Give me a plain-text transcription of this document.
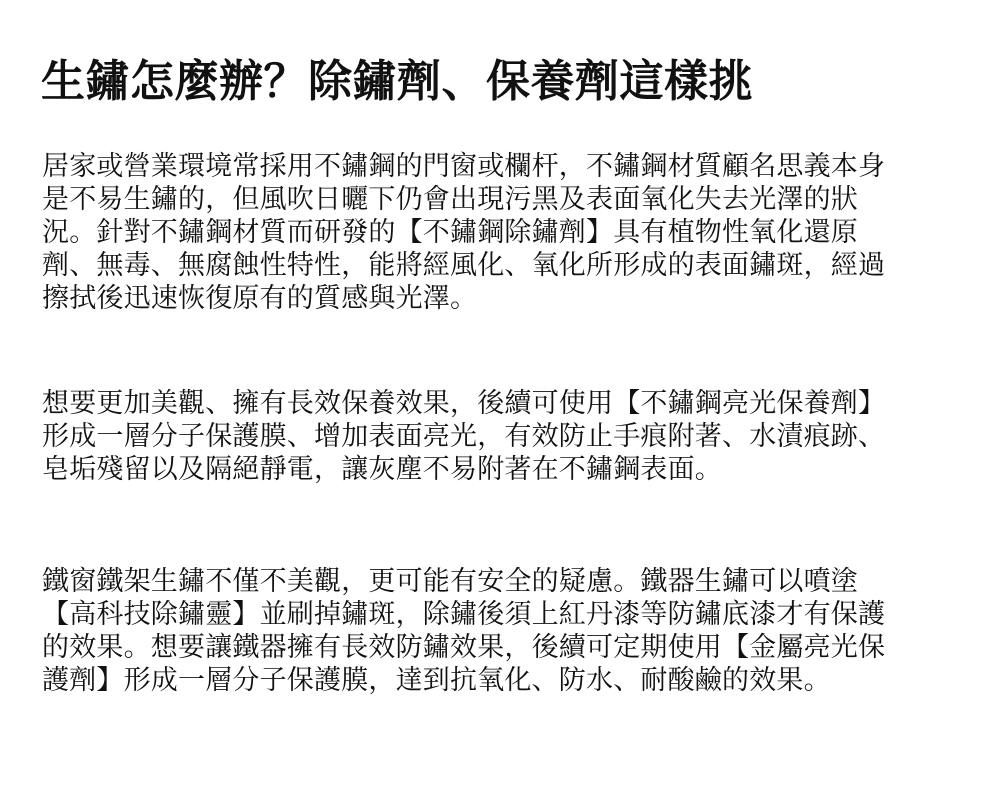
生鏽怎麼辦？除鏽劑、保養劑這樣挑

居家或營業環境常採用不鏽鋼的門窗或欄杆，不鏽鋼材質顧名思義本身
是不易生鏽的，但風吹日曬下仍會出現污黑及表面氧化失去光澤的狀
況。針對不鏽鋼材質而研發的【不鏽鋼除鏽劑】具有植物性氧化還原
劑、無毒、無腐蝕性特性，能將經風化、氧化所形成的表面鏽斑，經過
擦拭後迅速恢復原有的質感與光澤。

想要更加美觀、擁有長效保養效果，後續可使用【不鏽鋼亮光保養劑】
形成一層分子保護膜、增加表面亮光，有效防止手痕附著、水漬痕跡、
皂垢殘留以及隔絕靜電，讓灰塵不易附著在不鏽鋼表面。

鐵窗鐵架生鏽不僅不美觀，更可能有安全的疑慮。鐵器生鏽可以噴塗
【高科技除鏽靈】並刷掉鏽斑，除鏽後須上紅丹漆等防鏽底漆才有保護
的效果。想要讓鐵器擁有長效防鏽效果，後續可定期使用【金屬亮光保
護劑】形成一層分子保護膜，達到抗氧化、防水、耐酸鹼的效果。
